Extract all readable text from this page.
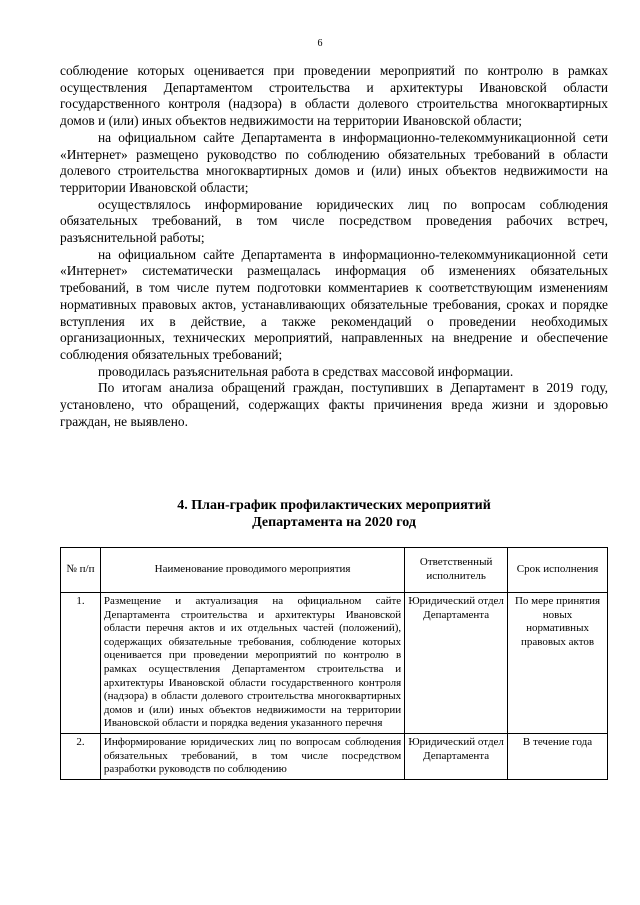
6

соблюдение которых оценивается при проведении мероприятий по контролю в рамках осуществления Департаментом строительства и архитектуры Ивановской области государственного контроля (надзора) в области долевого строительства многоквартирных домов и (или) иных объектов недвижимости на территории Ивановской области;

на официальном сайте Департамента в информационно-телекоммуникационной сети «Интернет» размещено руководство по соблюдению обязательных требований в области долевого строительства многоквартирных домов и (или) иных объектов недвижимости на территории Ивановской области;

осуществлялось информирование юридических лиц по вопросам соблюдения обязательных требований, в том числе посредством проведения рабочих встреч, разъяснительной работы;

на официальном сайте Департамента в информационно-телекоммуникационной сети «Интернет» систематически размещалась информация об изменениях обязательных требований, в том числе путем подготовки комментариев к соответствующим изменениям нормативных правовых актов, устанавливающих обязательные требования, сроках и порядке вступления их в действие, а также рекомендаций о проведении необходимых организационных, технических мероприятий, направленных на внедрение и обеспечение соблюдения обязательных требований;

проводилась разъяснительная работа в средствах массовой информации.

По итогам анализа обращений граждан, поступивших в Департамент в 2019 году, установлено, что обращений, содержащих факты причинения вреда жизни и здоровью граждан, не выявлено.

4. План-график профилактических мероприятий
Департамента на 2020 год
№ п/п	Наименование проводимого мероприятия	Ответственный исполнитель	Срок исполнения
1.	Размещение и актуализация на официальном сайте Департамента строительства и архитектуры Ивановской области перечня актов и их отдельных частей (положений), содержащих обязательные требования, соблюдение которых оценивается при проведении мероприятий по контролю в рамках осуществления Департаментом строительства и архитектуры Ивановской области государственного контроля (надзора) в области долевого строительства многоквартирных домов и (или) иных объектов недвижимости на территории Ивановской области и порядка ведения указанного перечня	Юридический отдел Департамента	По мере принятия новых нормативных правовых актов
2.	Информирование юридических лиц по вопросам соблюдения обязательных требований, в том числе посредством разработки руководств по соблюдению	Юридический отдел Департамента	В течение года
